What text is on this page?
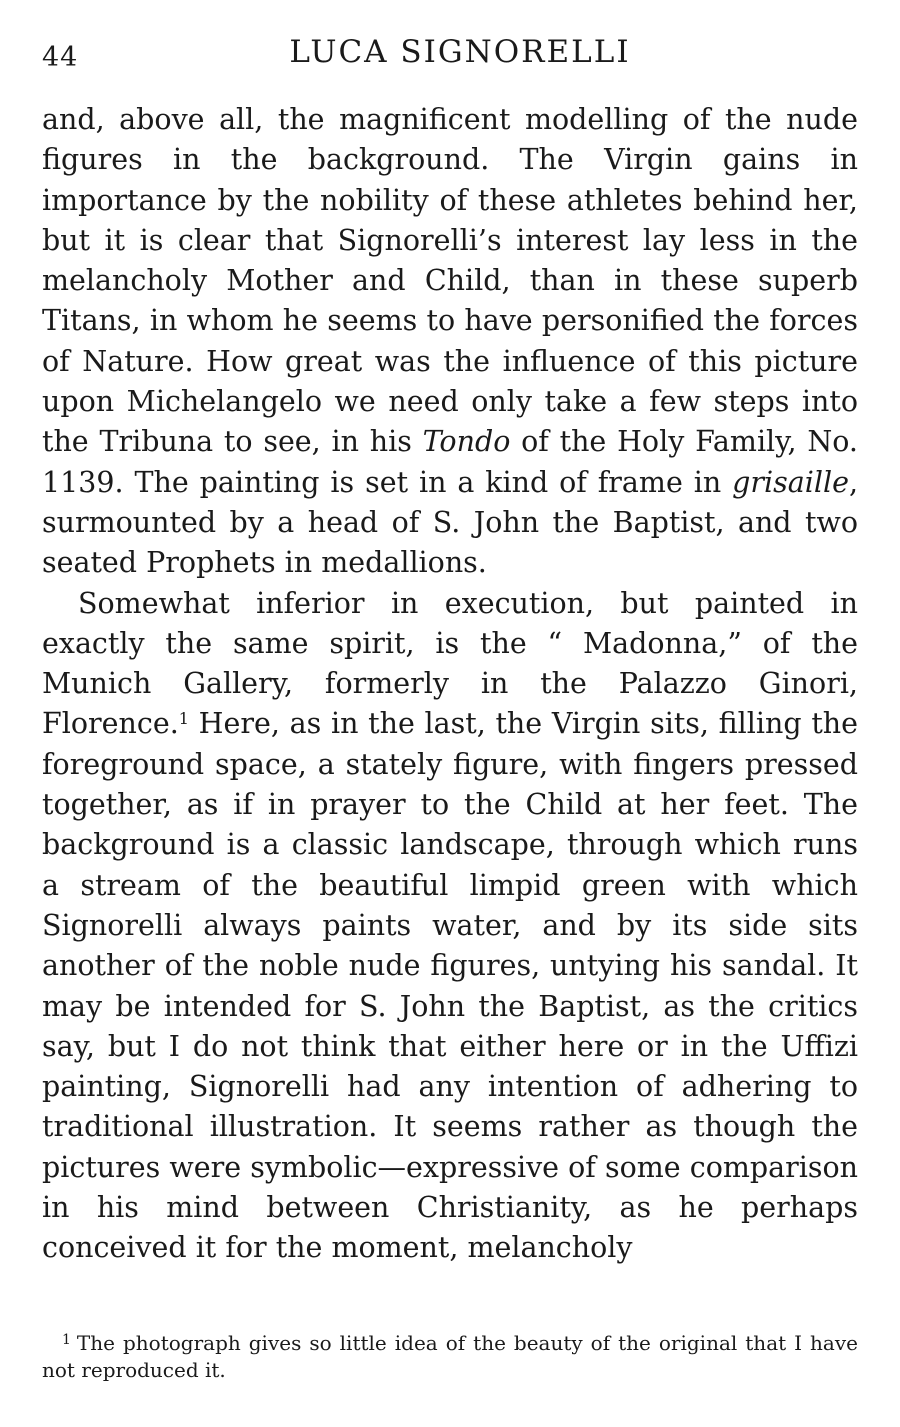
44	LUCA SIGNORELLI

and, above all, the magnificent modelling of the nude figures in the background. The Virgin gains in importance by the nobility of these athletes behind her, but it is clear that Signorelli’s interest lay less in the melancholy Mother and Child, than in these superb Titans, in whom he seems to have personified the forces of Nature. How great was the influence of this picture upon Michelangelo we need only take a few steps into the Tribuna to see, in his Tondo of the Holy Family, No. 1139. The painting is set in a kind of frame in grisaille, surmounted by a head of S. John the Baptist, and two seated Prophets in medallions.

Somewhat inferior in execution, but painted in exactly the same spirit, is the “ Madonna,” of the Munich Gallery, formerly in the Palazzo Ginori, Florence.$^1$ Here, as in the last, the Virgin sits, filling the foreground space, a stately figure, with fingers pressed together, as if in prayer to the Child at her feet. The background is a classic landscape, through which runs a stream of the beautiful limpid green with which Signorelli always paints water, and by its side sits another of the noble nude figures, untying his sandal. It may be intended for S. John the Baptist, as the critics say, but I do not think that either here or in the Uffizi painting, Signorelli had any intention of adhering to traditional illustration. It seems rather as though the pictures were symbolic—expressive of some comparison in his mind between Christianity, as he perhaps conceived it for the moment, melancholy

$^1$ The photograph gives so little idea of the beauty of the original that I have not reproduced it.
